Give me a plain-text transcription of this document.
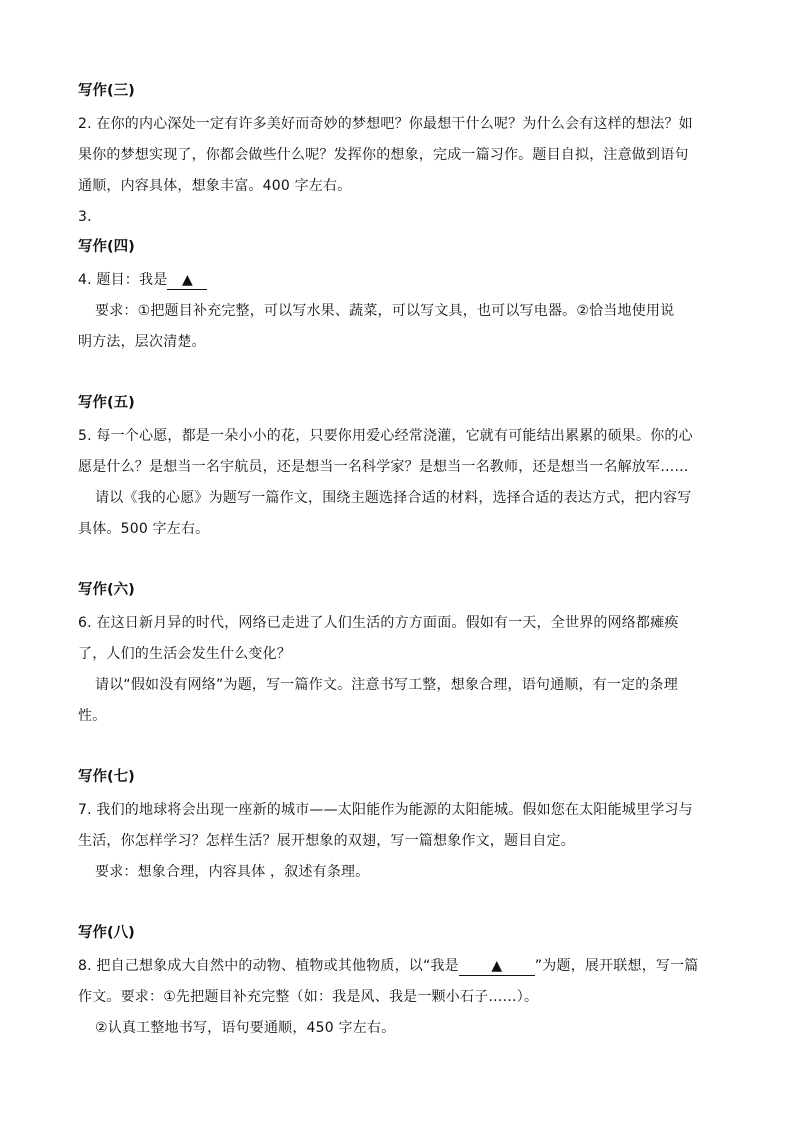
写作(三)
2. 在你的内心深处一定有许多美好而奇妙的梦想吧？你最想干什么呢？为什么会有这样的想法？如
果你的梦想实现了，你都会做些什么呢？发挥你的想象，完成一篇习作。题目自拟，注意做到语句
通顺，内容具体，想象丰富。400 字左右。
3.
写作(四)
4. 题目：我是 ▲
要求：①把题目补充完整，可以写水果、蔬菜，可以写文具，也可以写电器。②恰当地使用说
明方法，层次清楚。
写作(五)
5. 每一个心愿，都是一朵小小的花，只要你用爱心经常浇灌，它就有可能结出累累的硕果。你的心
愿是什么？是想当一名宇航员，还是想当一名科学家？是想当一名教师，还是想当一名解放军……
请以《我的心愿》为题写一篇作文，围绕主题选择合适的材料，选择合适的表达方式，把内容写
具体。500 字左右。
写作(六)
6. 在这日新月异的时代，网络已走进了人们生活的方方面面。假如有一天，全世界的网络都瘫痪
了，人们的生活会发生什么变化？
请以“假如没有网络”为题，写一篇作文。注意书写工整，想象合理，语句通顺，有一定的条理
性。
写作(七)
7. 我们的地球将会出现一座新的城市——太阳能作为能源的太阳能城。假如您在太阳能城里学习与
生活，你怎样学习？怎样生活？展开想象的双翅，写一篇想象作文，题目自定。
要求：想象合理，内容具体 ，叙述有条理。
写作(八)
8. 把自己想象成大自然中的动物、植物或其他物质，以“我是 ▲ ”为题，展开联想，写一篇
作文。要求：①先把题目补充完整（如：我是风、我是一颗小石子……）。
②认真工整地书写，语句要通顺，450 字左右。
